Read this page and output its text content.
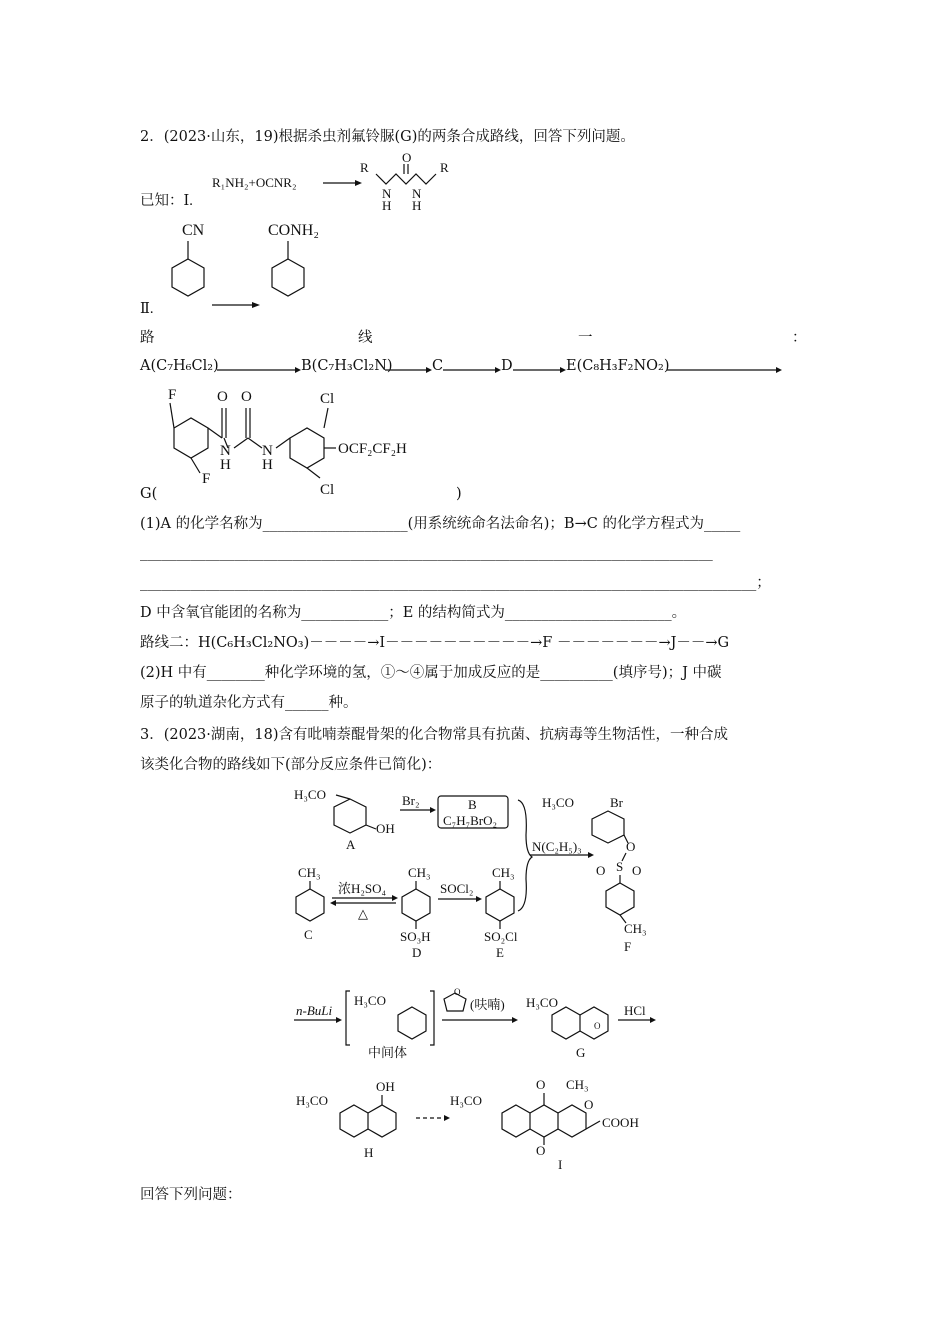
2．(2023·山东，19)根据杀虫剂氟铃脲(G)的两条合成路线，回答下列问题。
已知：Ⅰ.
R₁NH₂+OCNR₂
R
O
N
H
N
H
R
Ⅱ.
CN	CONH₂
路	线	一	：
A(C₇H₆Cl₂)	B(C₇H₃Cl₂N)	C	D	E(C₈H₃F₂NO₂)
F
F
O
N
H
O
N
H
Cl
Cl
OCF₂CF₂H
G(	)
(1)A 的化学名称为____________________(用系统统命名法命名)；B→C 的化学方程式为_____
_______________________________________________________________________________
_____________________________________________________________________________________；
D 中含氧官能团的名称为____________；E 的结构简式为_______________________。
路线二：H(C₆H₃Cl₂NO₃)－－－－→I－－－－－－－－－－→F －－－－－－－→J－－→G
(2)H 中有________种化学环境的氢，①～④属于加成反应的是__________(填序号)；J 中碳
原子的轨道杂化方式有______种。
3．(2023·湖南，18)含有吡喃萘醌骨架的化合物常具有抗菌、抗病毒等生物活性，一种合成
该类化合物的路线如下(部分反应条件已简化)：
H₃CO
OH
A
Br₂	B
C₇H₇BrO₂
N(C₂H₅)₃
CH₃
C
浓H₂SO₄
△
CH₃
SO₃H
D
SOCl₂
CH₃
SO₂Cl
E
H₃CO	Br
O
S
O O
CH₃
F
n-BuLi
H₃CO
中间体
O
(呋喃) H₃CO
O
G
HCl
H₃CO
OH
H
H₃CO
O
O
CH₃
O
COOH
I
回答下列问题：
